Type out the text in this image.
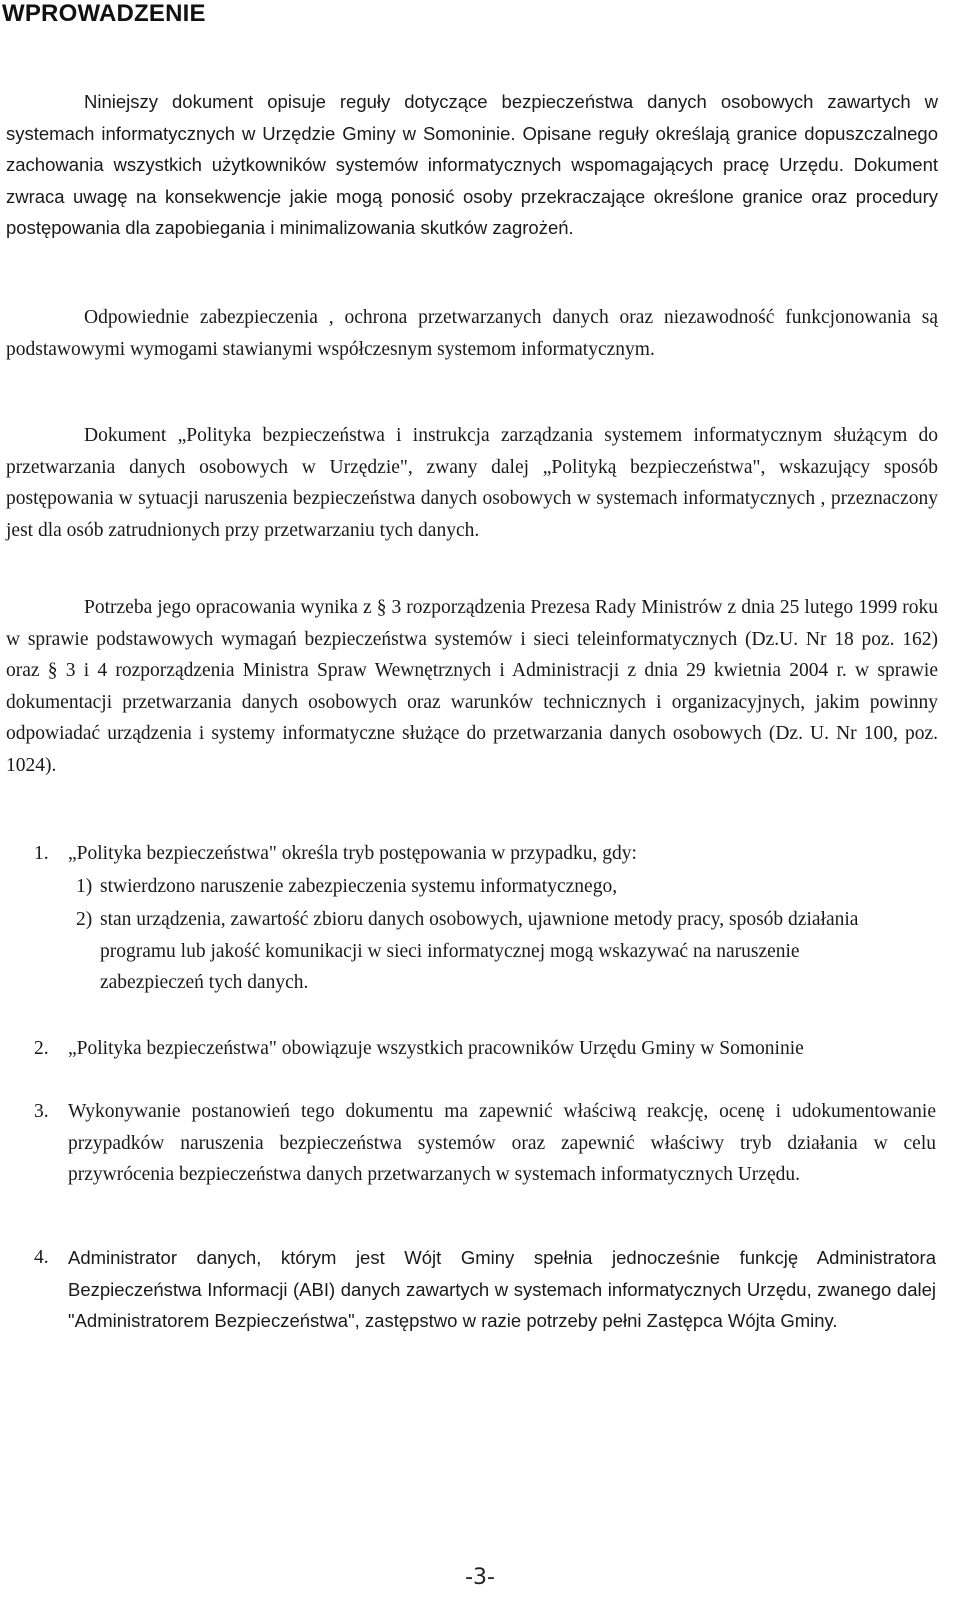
WPROWADZENIE

Niniejszy dokument opisuje reguły dotyczące bezpieczeństwa danych osobowych zawartych w systemach informatycznych w Urzędzie Gminy w Somoninie. Opisane reguły określają granice dopuszczalnego zachowania wszystkich użytkowników systemów informatycznych wspomagających pracę Urzędu. Dokument zwraca uwagę na konsekwencje jakie mogą ponosić osoby przekraczające określone granice oraz procedury postępowania dla zapobiegania i minimalizowania skutków zagrożeń.

Odpowiednie zabezpieczenia , ochrona przetwarzanych danych oraz niezawodność funkcjonowania są podstawowymi wymogami stawianymi współczesnym systemom informatycznym.

Dokument „Polityka bezpieczeństwa i instrukcja zarządzania systemem informatycznym służącym do przetwarzania danych osobowych w Urzędzie", zwany dalej „Polityką bezpieczeństwa", wskazujący sposób postępowania w sytuacji naruszenia bezpieczeństwa danych osobowych w systemach informatycznych , przeznaczony jest dla osób zatrudnionych przy przetwarzaniu tych danych.

Potrzeba jego opracowania wynika z § 3 rozporządzenia Prezesa Rady Ministrów z dnia 25 lutego 1999 roku w sprawie podstawowych wymagań bezpieczeństwa systemów i sieci teleinformatycznych (Dz.U. Nr 18 poz. 162) oraz § 3 i 4 rozporządzenia Ministra Spraw Wewnętrznych i Administracji z dnia 29 kwietnia 2004 r. w sprawie dokumentacji przetwarzania danych osobowych oraz warunków technicznych i organizacyjnych, jakim powinny odpowiadać urządzenia i systemy informatyczne służące do przetwarzania danych osobowych (Dz. U. Nr 100, poz. 1024).

1. „Polityka bezpieczeństwa" określa tryb postępowania w przypadku, gdy:

1) stwierdzono naruszenie zabezpieczenia systemu informatycznego,

2) stan urządzenia, zawartość zbioru danych osobowych, ujawnione metody pracy, sposób działania programu lub jakość komunikacji w sieci informatycznej mogą wskazywać na naruszenie zabezpieczeń tych danych.

2. „Polityka bezpieczeństwa" obowiązuje wszystkich pracowników Urzędu Gminy w Somoninie

3. Wykonywanie postanowień tego dokumentu ma zapewnić właściwą reakcję, ocenę i udokumentowanie przypadków naruszenia bezpieczeństwa systemów oraz zapewnić właściwy tryb działania w celu przywrócenia bezpieczeństwa danych przetwarzanych w systemach informatycznych Urzędu.

4. Administrator danych, którym jest Wójt Gminy spełnia jednocześnie funkcję Administratora Bezpieczeństwa Informacji (ABI) danych zawartych w systemach informatycznych Urzędu, zwanego dalej "Administratorem Bezpieczeństwa", zastępstwo w razie potrzeby pełni Zastępca Wójta Gminy.

-3-
